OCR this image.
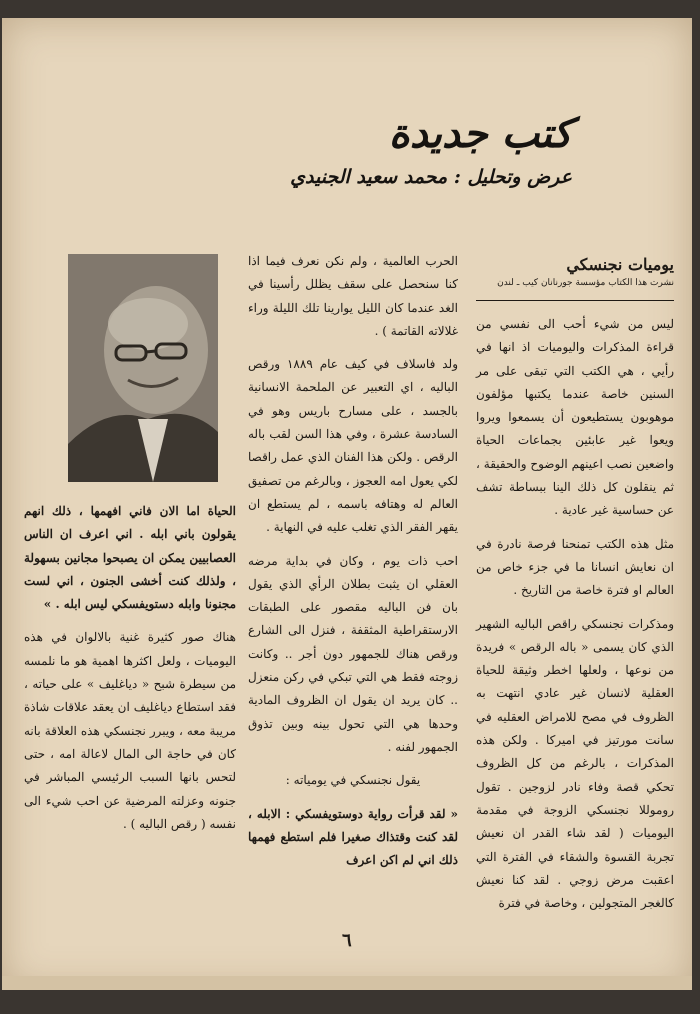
كتب جديدة
عرض وتحليل : محمد سعيد الجنيدي
يوميات نجنسكي

نشرت هذا الكتاب مؤسسة جورنانان كيب ـ لندن

ليس من شيء أحب الى نفسي من قراءة المذكرات واليوميات اذ انها في رأيي ، هي الكتب التي تبقى على مر السنين خاصة عندما يكتبها مؤلفون موهوبون يستطيعون أن يسمعوا ويروا ويعوا غير عابئين بجماعات الحياة واضعين نصب اعينهم الوضوح والحقيقة ، ثم ينقلون كل ذلك الينا ببساطة تشف عن حساسية غير عادية .

مثل هذه الكتب تمنحنا فرصة نادرة في ان نعايش انسانا ما في جزء خاص من العالم او فترة خاصة من التاريخ .

ومذكرات نجنسكي راقص الباليه الشهير الذي كان يسمى « باله الرقص » فريدة من نوعها ، ولعلها اخطر وثيقة للحياة العقلية لانسان غير عادي انتهت به الظروف في مصح للامراض العقليه في سانت مورتيز في اميركا . ولكن هذه المذكرات ، بالرغم من كل الظروف تحكي قصة وفاء نادر لزوجين . تقول روموللا نجنسكي الزوجة في مقدمة اليوميات ( لقد شاء القدر ان نعيش تجربة القسوة والشقاء في الفترة التي اعقبت مرض زوجي . لقد كنا نعيش كالغجر المتجولين ، وخاصة في فترة

الحرب العالمية ، ولم نكن نعرف فيما اذا كنا سنحصل على سقف يظلل رأسينا في الغد عندما كان الليل يوارينا تلك الليلة وراء غلالاته القاتمة ) .

ولد فاسلاف في كيف عام ١٨٨٩ ورقص الباليه ، اي التعبير عن الملحمة الانسانية بالجسد ، على مسارح باريس وهو في السادسة عشرة ، وفي هذا السن لقب باله الرقص . ولكن هذا الفنان الذي عمل راقصا لكي يعول امه العجوز ، وبالرغم من تصفيق العالم له وهتافه باسمه ، لم يستطع ان يقهر الفقر الذي تغلب عليه في النهاية .

احب ذات يوم ، وكان في بداية مرضه العقلي ان يثبت بطلان الرأي الذي يقول بان فن الباليه مقصور على الطبقات الارستقراطية المثقفة ، فنزل الى الشارع ورقص هناك للجمهور دون أجر .. وكانت زوجته فقط هي التي تبكي في ركن منعزل .. كان يريد ان يقول ان الظروف المادية وحدها هي التي تحول بينه وبين تذوق الجمهور لفنه .

يقول نجنسكي في يومياته :

« لقد قرأت رواية دوستويفسكي : الابله ، لقد كنت وقتذاك صغيرا فلم استطع فهمها ذلك اني لم اكن اعرف

الحياة اما الان فاني افهمها ، ذلك انهم يقولون باني ابله . اني اعرف ان الناس العصابيين يمكن ان يصبحوا مجانين بسهولة ، ولذلك كنت أخشى الجنون ، اني لست مجنونا وابله دستويفسكي ليس ابله . »

هناك صور كثيرة غنية بالالوان في هذه اليوميات ، ولعل اكثرها اهمية هو ما نلمسه من سيطرة شبح « دياغليف » على حياته ، فقد استطاع دياغليف ان يعقد علاقات شاذة مريبة معه ، ويبرر نجنسكي هذه العلاقة بانه كان في حاجة الى المال لاعالة امه ، حتى لتحس بانها السبب الرئيسي المباشر في جنونه وعزلته المرضية عن احب شيء الى نفسه ( رقص الباليه ) .

٦
